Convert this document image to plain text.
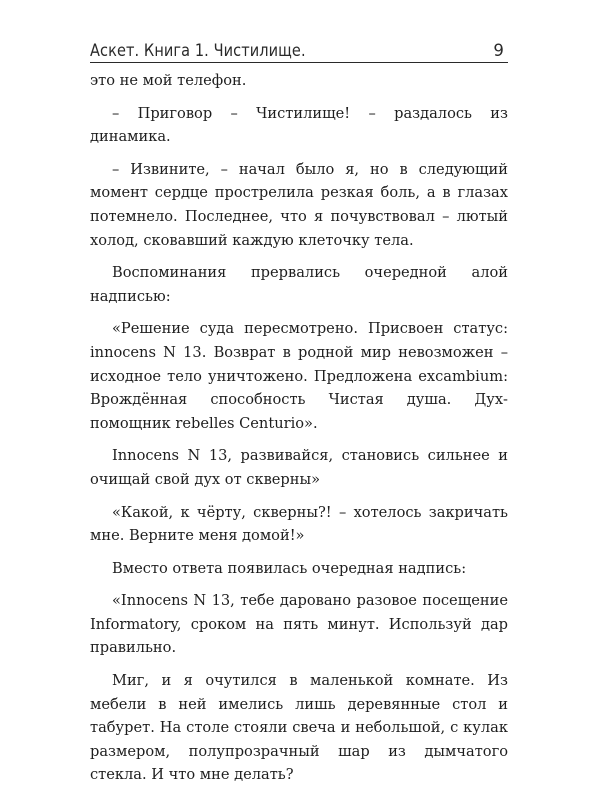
Аскет. Книга 1. Чистилище.	9

это не мой телефон.

– Приговор – Чистилище! – раздалось из динамика.

– Извините, – начал было я, но в следующий момент сердце прострелила резкая боль, а в глазах потемнело. Последнее, что я почувствовал – лютый холод, сковавший каждую клеточку тела.

Воспоминания прервались очередной алой надписью:

«Решение суда пересмотрено. Присвоен статус: innocens N 13. Возврат в родной мир невозможен – исходное тело уничтожено. Предложена excambium: Врождённая способность Чистая душа. Дух-помощник rebelles Centurio».

Innocens N 13, развивайся, становись сильнее и очищай свой дух от скверны»

«Какой, к чёрту, скверны?! – хотелось закричать мне. Верните меня домой!»

Вместо ответа появилась очередная надпись:

«Innocens N 13, тебе даровано разовое посещение Informatory, сроком на пять минут. Используй дар правильно.

Миг, и я очутился в маленькой комнате. Из мебели в ней имелись лишь деревянные стол и табурет. На столе стояли свеча и небольшой, с кулак размером, полупрозрачный шар из дымчатого стекла. И что мне делать?
